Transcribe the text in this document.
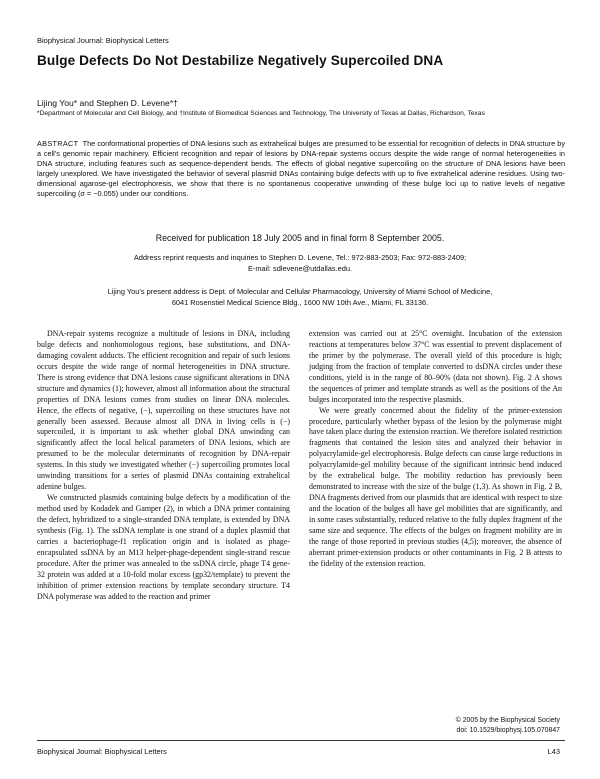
Biophysical Journal: Biophysical Letters
Bulge Defects Do Not Destabilize Negatively Supercoiled DNA
Lijing You* and Stephen D. Levene*†
*Department of Molecular and Cell Biology, and †Institute of Biomedical Sciences and Technology, The University of Texas at Dallas, Richardson, Texas
ABSTRACT The conformational properties of DNA lesions such as extrahelical bulges are presumed to be essential for recognition of defects in DNA structure by a cell’s genomic repair machinery. Efficient recognition and repair of lesions by DNA-repair systems occurs despite the wide range of normal heterogeneities in DNA structure, including features such as sequence-dependent bends. The effects of global negative supercoiling on the structure of DNA lesions have been largely unexplored. We have investigated the behavior of several plasmid DNAs containing bulge defects with up to five extrahelical adenine residues. Using two-dimensional agarose-gel electrophoresis, we show that there is no spontaneous cooperative unwinding of these bulge loci up to native levels of negative supercoiling (σ = −0.055) under our conditions.
Received for publication 18 July 2005 and in final form 8 September 2005.
Address reprint requests and inquiries to Stephen D. Levene, Tel.: 972-883-2503; Fax: 972-883-2409;
E-mail: sdlevene@utdallas.edu.
Lijing You’s present address is Dept. of Molecular and Cellular Pharmacology, University of Miami School of Medicine,
6041 Rosenstiel Medical Science Bldg., 1600 NW 10th Ave., Miami, FL 33136.

DNA-repair systems recognize a multitude of lesions in DNA, including bulge defects and nonhomologous regions, base substitutions, and DNA-damaging covalent adducts. The efficient recognition and repair of such lesions occurs despite the wide range of normal heterogeneities in DNA structure. There is strong evidence that DNA lesions cause significant alterations in DNA structure and dynamics (1); however, almost all information about the structural properties of DNA lesions comes from studies on linear DNA molecules. Hence, the effects of negative, (−), supercoiling on these structures have not generally been assessed. Because almost all DNA in living cells is (−) supercoiled, it is important to ask whether global DNA unwinding can significantly affect the local helical parameters of DNA lesions, which are presumed to be the molecular determinants of recognition by DNA-repair systems. In this study we investigated whether (−) supercoiling promotes local unwinding transitions for a series of plasmid DNAs containing extrahelical adenine bulges.

We constructed plasmids containing bulge defects by a modification of the method used by Kodadek and Gamper (2), in which a DNA primer containing the defect, hybridized to a single-stranded DNA template, is extended by DNA synthesis (Fig. 1). The ssDNA template is one strand of a duplex plasmid that carries a bacteriophage-f1 replication origin and is isolated as phage-encapsulated ssDNA by an M13 helper-phage-dependent single-strand rescue procedure. After the primer was annealed to the ssDNA circle, phage T4 gene-32 protein was added at a 10-fold molar excess (gp32/template) to prevent the inhibition of primer extension reactions by template secondary structure. T4 DNA polymerase was added to the reaction and primer

extension was carried out at 25°C overnight. Incubation of the extension reactions at temperatures below 37°C was essential to prevent displacement of the primer by the polymerase. The overall yield of this procedure is high; judging from the fraction of template converted to dsDNA circles under these conditions, yield is in the range of 80–90% (data not shown). Fig. 2 A shows the sequences of primer and template strands as well as the positions of the An bulges incorporated into the respective plasmids.

We were greatly concerned about the fidelity of the primer-extension procedure, particularly whether bypass of the lesion by the polymerase might have taken place during the extension reaction. We therefore isolated restriction fragments that contained the lesion sites and analyzed their behavior in polyacrylamide-gel electrophoresis. Bulge defects can cause large reductions in polyacrylamide-gel mobility because of the significant intrinsic bend induced by the extrahelical bulge. The mobility reduction has previously been demonstrated to increase with the size of the bulge (1,3). As shown in Fig. 2 B, DNA fragments derived from our plasmids that are identical with respect to size and the location of the bulges all have gel mobilities that are significantly, and in some cases substantially, reduced relative to the fully duplex fragment of the same size and sequence. The effects of the bulges on fragment mobility are in the range of those reported in previous studies (4,5); moreover, the absence of aberrant primer-extension products or other contaminants in Fig. 2 B attests to the fidelity of the extension reaction.

© 2005 by the Biophysical Society
doi: 10.1529/biophysj.105.070847
Biophysical Journal: Biophysical Letters	L43
